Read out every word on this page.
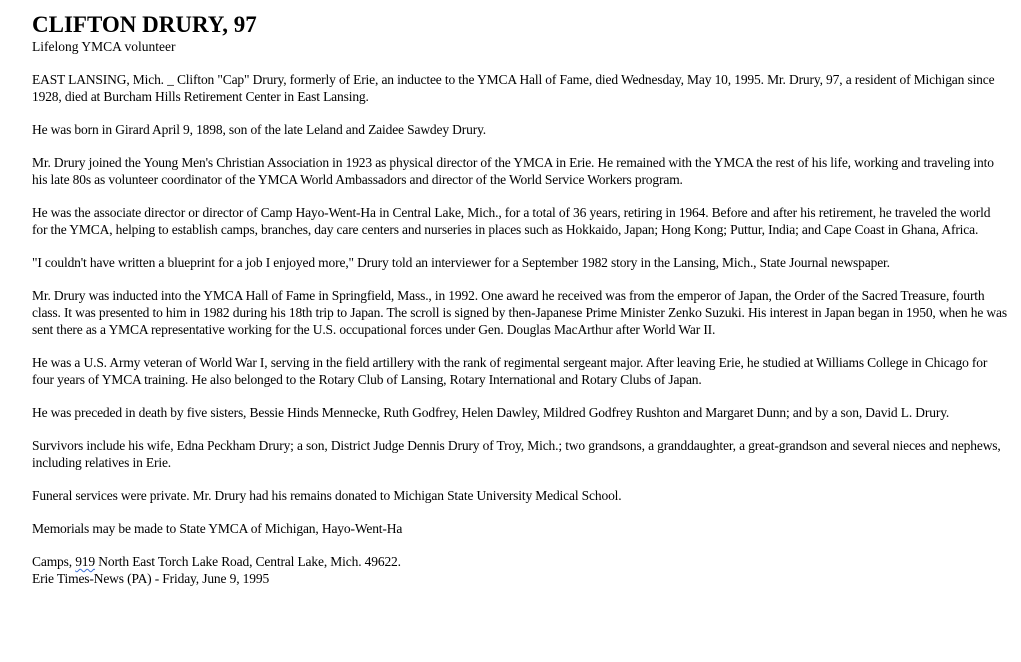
CLIFTON DRURY, 97
Lifelong YMCA volunteer

EAST LANSING, Mich. _ Clifton "Cap" Drury, formerly of Erie, an inductee to the YMCA Hall of Fame, died Wednesday, May 10, 1995. Mr. Drury, 97, a resident of Michigan since 1928, died at Burcham Hills Retirement Center in East Lansing.

He was born in Girard April 9, 1898, son of the late Leland and Zaidee Sawdey Drury.

Mr. Drury joined the Young Men's Christian Association in 1923 as physical director of the YMCA in Erie. He remained with the YMCA the rest of his life, working and traveling into his late 80s as volunteer coordinator of the YMCA World Ambassadors and director of the World Service Workers program.

He was the associate director or director of Camp Hayo-Went-Ha in Central Lake, Mich., for a total of 36 years, retiring in 1964. Before and after his retirement, he traveled the world for the YMCA, helping to establish camps, branches, day care centers and nurseries in places such as Hokkaido, Japan; Hong Kong; Puttur, India; and Cape Coast in Ghana, Africa.

"I couldn't have written a blueprint for a job I enjoyed more," Drury told an interviewer for a September 1982 story in the Lansing, Mich., State Journal newspaper.

Mr. Drury was inducted into the YMCA Hall of Fame in Springfield, Mass., in 1992. One award he received was from the emperor of Japan, the Order of the Sacred Treasure, fourth class. It was presented to him in 1982 during his 18th trip to Japan. The scroll is signed by then-Japanese Prime Minister Zenko Suzuki. His interest in Japan began in 1950, when he was sent there as a YMCA representative working for the U.S. occupational forces under Gen. Douglas MacArthur after World War II.

He was a U.S. Army veteran of World War I, serving in the field artillery with the rank of regimental sergeant major. After leaving Erie, he studied at Williams College in Chicago for four years of YMCA training. He also belonged to the Rotary Club of Lansing, Rotary International and Rotary Clubs of Japan.

He was preceded in death by five sisters, Bessie Hinds Mennecke, Ruth Godfrey, Helen Dawley, Mildred Godfrey Rushton and Margaret Dunn; and by a son, David L. Drury.

Survivors include his wife, Edna Peckham Drury; a son, District Judge Dennis Drury of Troy, Mich.; two grandsons, a granddaughter, a great-grandson and several nieces and nephews, including relatives in Erie.

Funeral services were private. Mr. Drury had his remains donated to Michigan State University Medical School.

Memorials may be made to State YMCA of Michigan, Hayo-Went-Ha

Camps, 919 North East Torch Lake Road, Central Lake, Mich. 49622.

Erie Times-News (PA) - Friday, June 9, 1995
